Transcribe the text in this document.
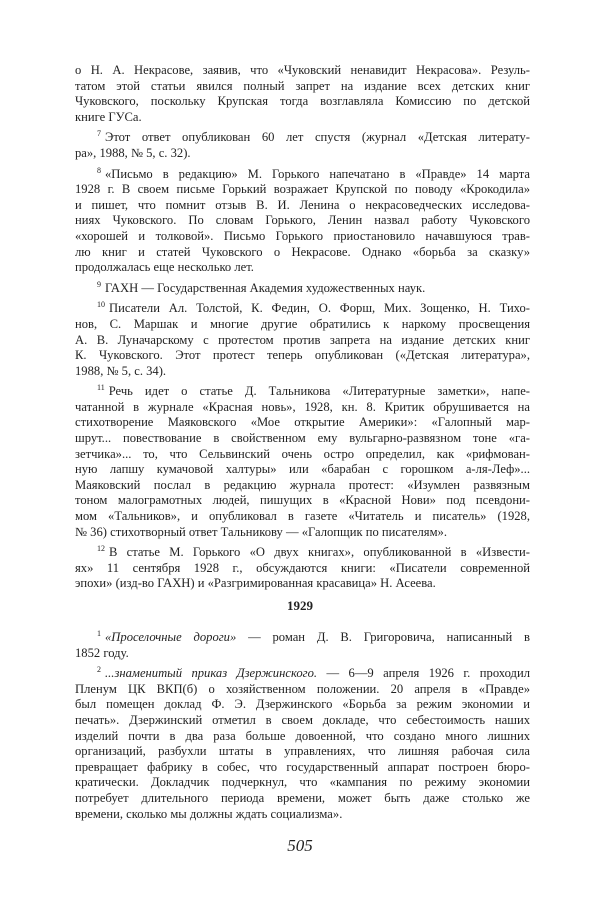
о Н. А. Некрасове, заявив, что «Чуковский ненавидит Некрасова». Резуль-
татом этой статьи явился полный запрет на издание всех детских книг
Чуковского, поскольку Крупская тогда возглавляла Комиссию по детской
книге ГУСа.
$^7$ Этот ответ опубликован 60 лет спустя (журнал «Детская литерату-
ра», 1988, № 5, с. 32).
$^8$ «Письмо в редакцию» М. Горького напечатано в «Правде» 14 марта
1928 г. В своем письме Горький возражает Крупской по поводу «Крокодила»
и пишет, что помнит отзыв В. И. Ленина о некрасоведческих исследова-
ниях Чуковского. По словам Горького, Ленин назвал работу Чуковского
«хорошей и толковой». Письмо Горького приостановило начавшуюся трав-
лю книг и статей Чуковского о Некрасове. Однако «борьба за сказку»
продолжалась еще несколько лет.
$^9$ ГАХН — Государственная Академия художественных наук.
$^{10}$ Писатели Ал. Толстой, К. Федин, О. Форш, Мих. Зощенко, Н. Тихо-
нов, С. Маршак и многие другие обратились к наркому просвещения
А. В. Луначарскому с протестом против запрета на издание детских книг
К. Чуковского. Этот протест теперь опубликован («Детская литература»,
1988, № 5, с. 34).
$^{11}$ Речь идет о статье Д. Тальникова «Литературные заметки», напе-
чатанной в журнале «Красная новь», 1928, кн. 8. Критик обрушивается на
стихотворение Маяковского «Мое открытие Америки»: «Галопный мар-
шрут... повествование в свойственном ему вульгарно-развязном тоне «га-
зетчика»... то, что Сельвинский очень остро определил, как «рифмован-
ную лапшу кумачовой халтуры» или «барабан с горошком а-ля-Леф»...
Маяковский послал в редакцию журнала протест: «Изумлен развязным
тоном малограмотных людей, пишущих в «Красной Нови» под псевдони-
мом «Тальников», и опубликовал в газете «Читатель и писатель» (1928,
№ 36) стихотворный ответ Тальникову — «Галопщик по писателям».
$^{12}$ В статье М. Горького «О двух книгах», опубликованной в «Извести-
ях» 11 сентября 1928 г., обсуждаются книги: «Писатели современной
эпохи» (изд-во ГАХН) и «Разгримированная красавица» Н. Асеева.
1929
$^1$ «Проселочные дороги» — роман Д. В. Григоровича, написанный в
1852 году.
$^2$ ...знаменитый приказ Дзержинского. — 6—9 апреля 1926 г. проходил
Пленум ЦК ВКП(б) о хозяйственном положении. 20 апреля в «Правде»
был помещен доклад Ф. Э. Дзержинского «Борьба за режим экономии и
печать». Дзержинский отметил в своем докладе, что себестоимость наших
изделий почти в два раза больше довоенной, что создано много лишних
организаций, разбухли штаты в управлениях, что лишняя рабочая сила
превращает фабрику в собес, что государственный аппарат построен бюро-
кратически. Докладчик подчеркнул, что «кампания по режиму экономии
потребует длительного периода времени, может быть даже столько же
времени, сколько мы должны ждать социализма».
505
